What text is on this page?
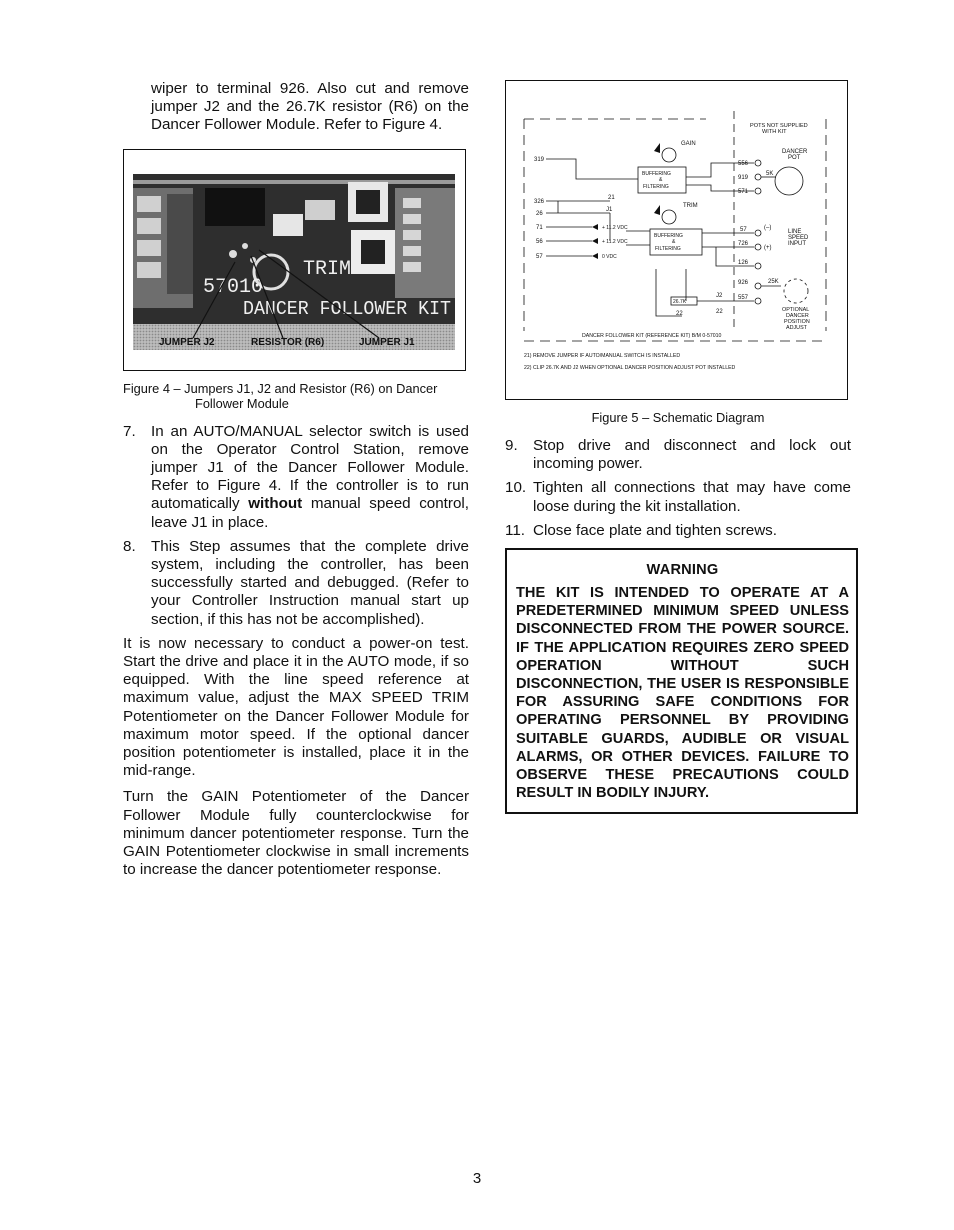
wiper to terminal 926. Also cut and remove jumper J2 and the 26.7K resistor (R6) on the Dancer Follower Module. Refer to Figure 4.

TRIM
57010
DANCER FOLLOWER KIT
JUMPER J2	RESISTOR (R6)	JUMPER J1
Figure 4 – Jumpers J1, J2 and Resistor (R6) on Dancer
Follower Module
7.	In an AUTO/MANUAL selector switch is used on the Operator Control Station, remove jumper J1 of the Dancer Follower Module. Refer to Figure 4. If the controller is to run automatically without manual speed control, leave J1 in place.
8.	This Step assumes that the complete drive system, including the controller, has been successfully started and debugged. (Refer to your Controller Instruction manual start up section, if this has not be accomplished).

It is now necessary to conduct a power-on test. Start the drive and place it in the AUTO mode, if so equipped. With the line speed reference at maximum value, adjust the MAX SPEED TRIM Potentiometer on the Dancer Follower Module for maximum motor speed. If the optional dancer position potentiometer is installed, place it in the mid-range.

Turn the GAIN Potentiometer of the Dancer Follower Module fully counterclockwise for minimum dancer potentiometer response. Turn the GAIN Potentiometer clockwise in small increments to increase the dancer potentiometer response.

POTS NOT SUPPLIED
WITH KIT
GAIN
TRIM
DANCER
POT
BUFFERING
&
FILTERING
BUFFERING
&
FILTERING
319
326
26
71
56
57
556
919
571
57
726
126
926
557
+ 11.2 VDC
+ 11.2 VDC
0 VDC
5K
25K
J1
21
J2
22	22
26.7K
(–)
(+)
LINE
SPEED
INPUT
OPTIONAL
DANCER
POSITION
ADJUST
DANCER FOLLOWER KIT (REFERENCE KIT) B/M 0-57010
21) REMOVE JUMPER IF AUTO/MANUAL SWITCH IS INSTALLED
22) CLIP 26.7K AND J2 WHEN OPTIONAL DANCER POSITION ADJUST POT INSTALLED
Figure 5 – Schematic Diagram
9.	Stop drive and disconnect and lock out incoming power.
10. Tighten all connections that may have come loose during the kit installation.
11. Close face plate and tighten screws.
WARNING

THE KIT IS INTENDED TO OPERATE AT A PREDETERMINED MINIMUM SPEED UNLESS DISCONNECTED FROM THE POWER SOURCE. IF THE APPLICATION REQUIRES ZERO SPEED OPERATION WITHOUT SUCH DISCONNECTION, THE USER IS RESPONSIBLE FOR ASSURING SAFE CONDITIONS FOR OPERATING PERSONNEL BY PROVIDING SUITABLE GUARDS, AUDIBLE OR VISUAL ALARMS, OR OTHER DEVICES. FAILURE TO OBSERVE THESE PRECAUTIONS COULD RESULT IN BODILY INJURY.

3
